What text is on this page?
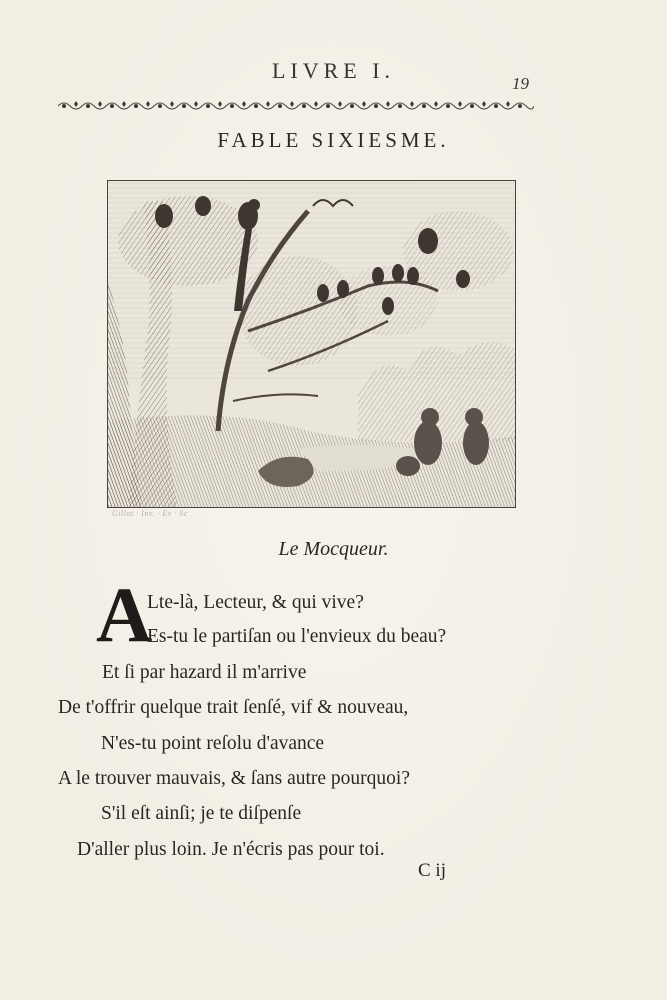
LIVRE I.
19
FABLE SIXIESME.
Gillot · Inv. · Ex · Sc
Le Mocqueur.
A
Lte-là, Lecteur, & qui vive?
Es-tu le partiſan ou l'envieux du beau?
Et ſi par hazard il m'arrive
De t'offrir quelque trait ſenſé, vif & nouveau,
N'es-tu point reſolu d'avance
A le trouver mauvais, & ſans autre pourquoi?
S'il eſt ainſi; je te diſpenſe
D'aller plus loin. Je n'écris pas pour toi.
C ij
